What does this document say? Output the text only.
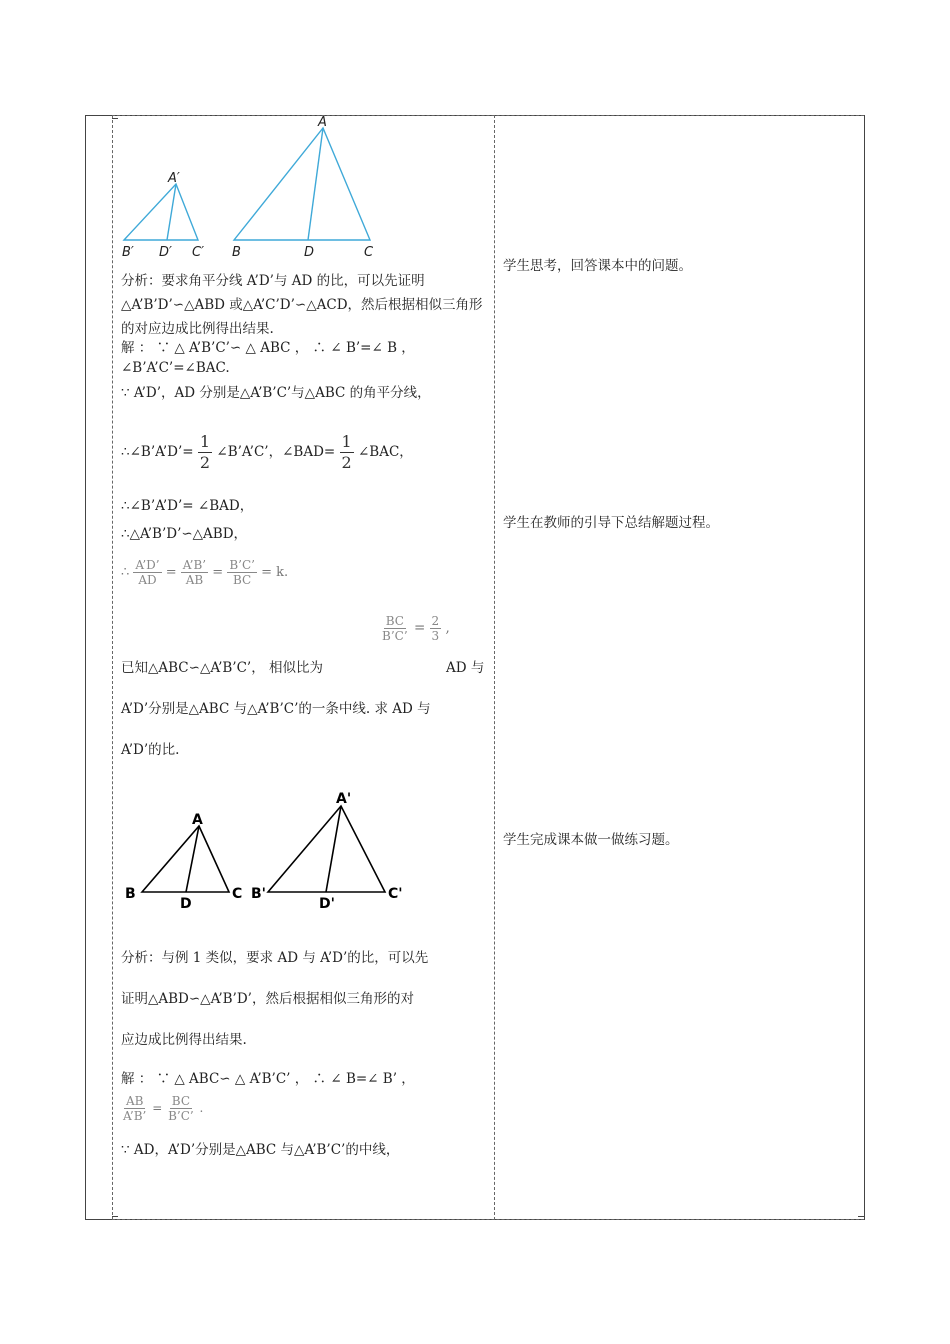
A′
B′ D′ C′
A
B	D	C
分析：要求角平分线 A’D’与 AD 的比，可以先证明△A’B’D’∽△ABD 或△A’C’D’∽△ACD，然后根据相似三角形的对应边成比例得出结果.
解 ： ∵ △ A’B’C’∽ △ ABC ， ∴ ∠ B’=∠ B ，
∠B’A’C’=∠BAC.
∵ A’D’，AD 分别是△A’B’C’与△ABC 的角平分线，
∴∠B’A’D’= $\frac{1}{2}$ ∠B’A’C’，∠BAD= $\frac{1}{2}$ ∠BAC，
∴∠B’A’D’= ∠BAD，
∴△A’B’D’∽△ABD，
∴ $\frac{A’D’}{AD} = \frac{A’B’}{AB} = \frac{B’C’}{BC} = k$.
$\frac{BC}{B’C’} = \frac{2}{3}$ ,
已知△ABC∽△A’B’C’， 相似比为	AD 与
A’D’分别是△ABC 与△A’B’C’的一条中线. 求 AD 与
A’D’的比.
A
B
D
C
A'
B'
D'
C'
分析：与例 1 类似，要求 AD 与 A’D’的比，可以先
证明△ABD∽△A’B’D’，然后根据相似三角形的对
应边成比例得出结果.
解 ： ∵ △ ABC∽ △ A’B’C’ ， ∴ ∠ B=∠ B’ ，
$\frac{AB}{A’B’} = \frac{BC}{B’C’}$ .
∵ AD，A’D’分别是△ABC 与△A’B’C’的中线，
学生思考，回答课本中的问题。
学生在教师的引导下总结解题过程。
学生完成课本做一做练习题。
